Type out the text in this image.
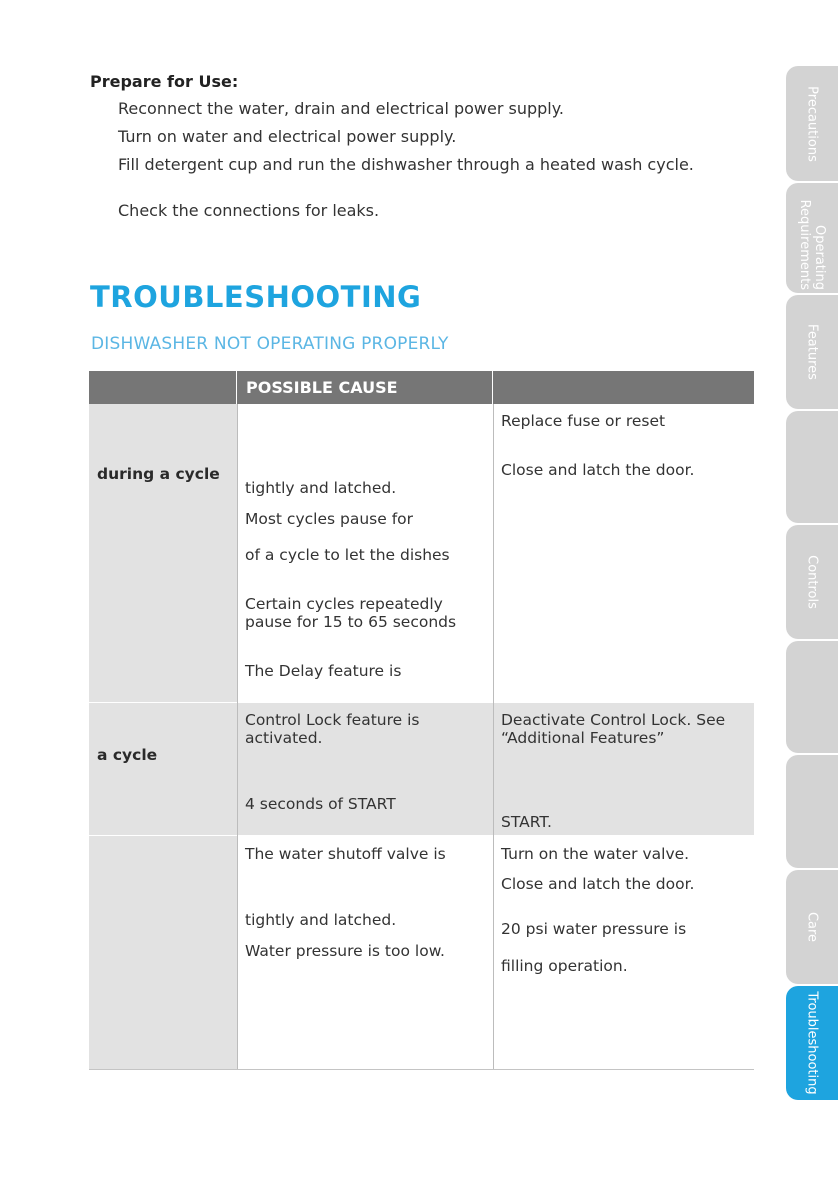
Prepare for Use:
Reconnect the water, drain and electrical power supply.
Turn on water and electrical power supply.
Fill detergent cup and run the dishwasher through a heated wash cycle.
Check the connections for leaks.
TROUBLESHOOTING
DISHWASHER NOT OPERATING PROPERLY
POSSIBLE CAUSE
during a cycle
tightly and latched.
Most cycles pause for
of a cycle to let the dishes
Certain cycles repeatedly pause for 15 to 65 seconds
The Delay feature is
Replace fuse or reset
Close and latch the door.
a cycle
Control Lock feature is activated.
4 seconds of START
Deactivate Control Lock. See “Additional Features”
START.
The water shutoff valve is
tightly and latched.
Water pressure is too low.
Turn on the water valve.
Close and latch the door.
20 psi water pressure is
filling operation.
Precautions
Operating Requirements
Features
Controls
Care
Troubleshooting
